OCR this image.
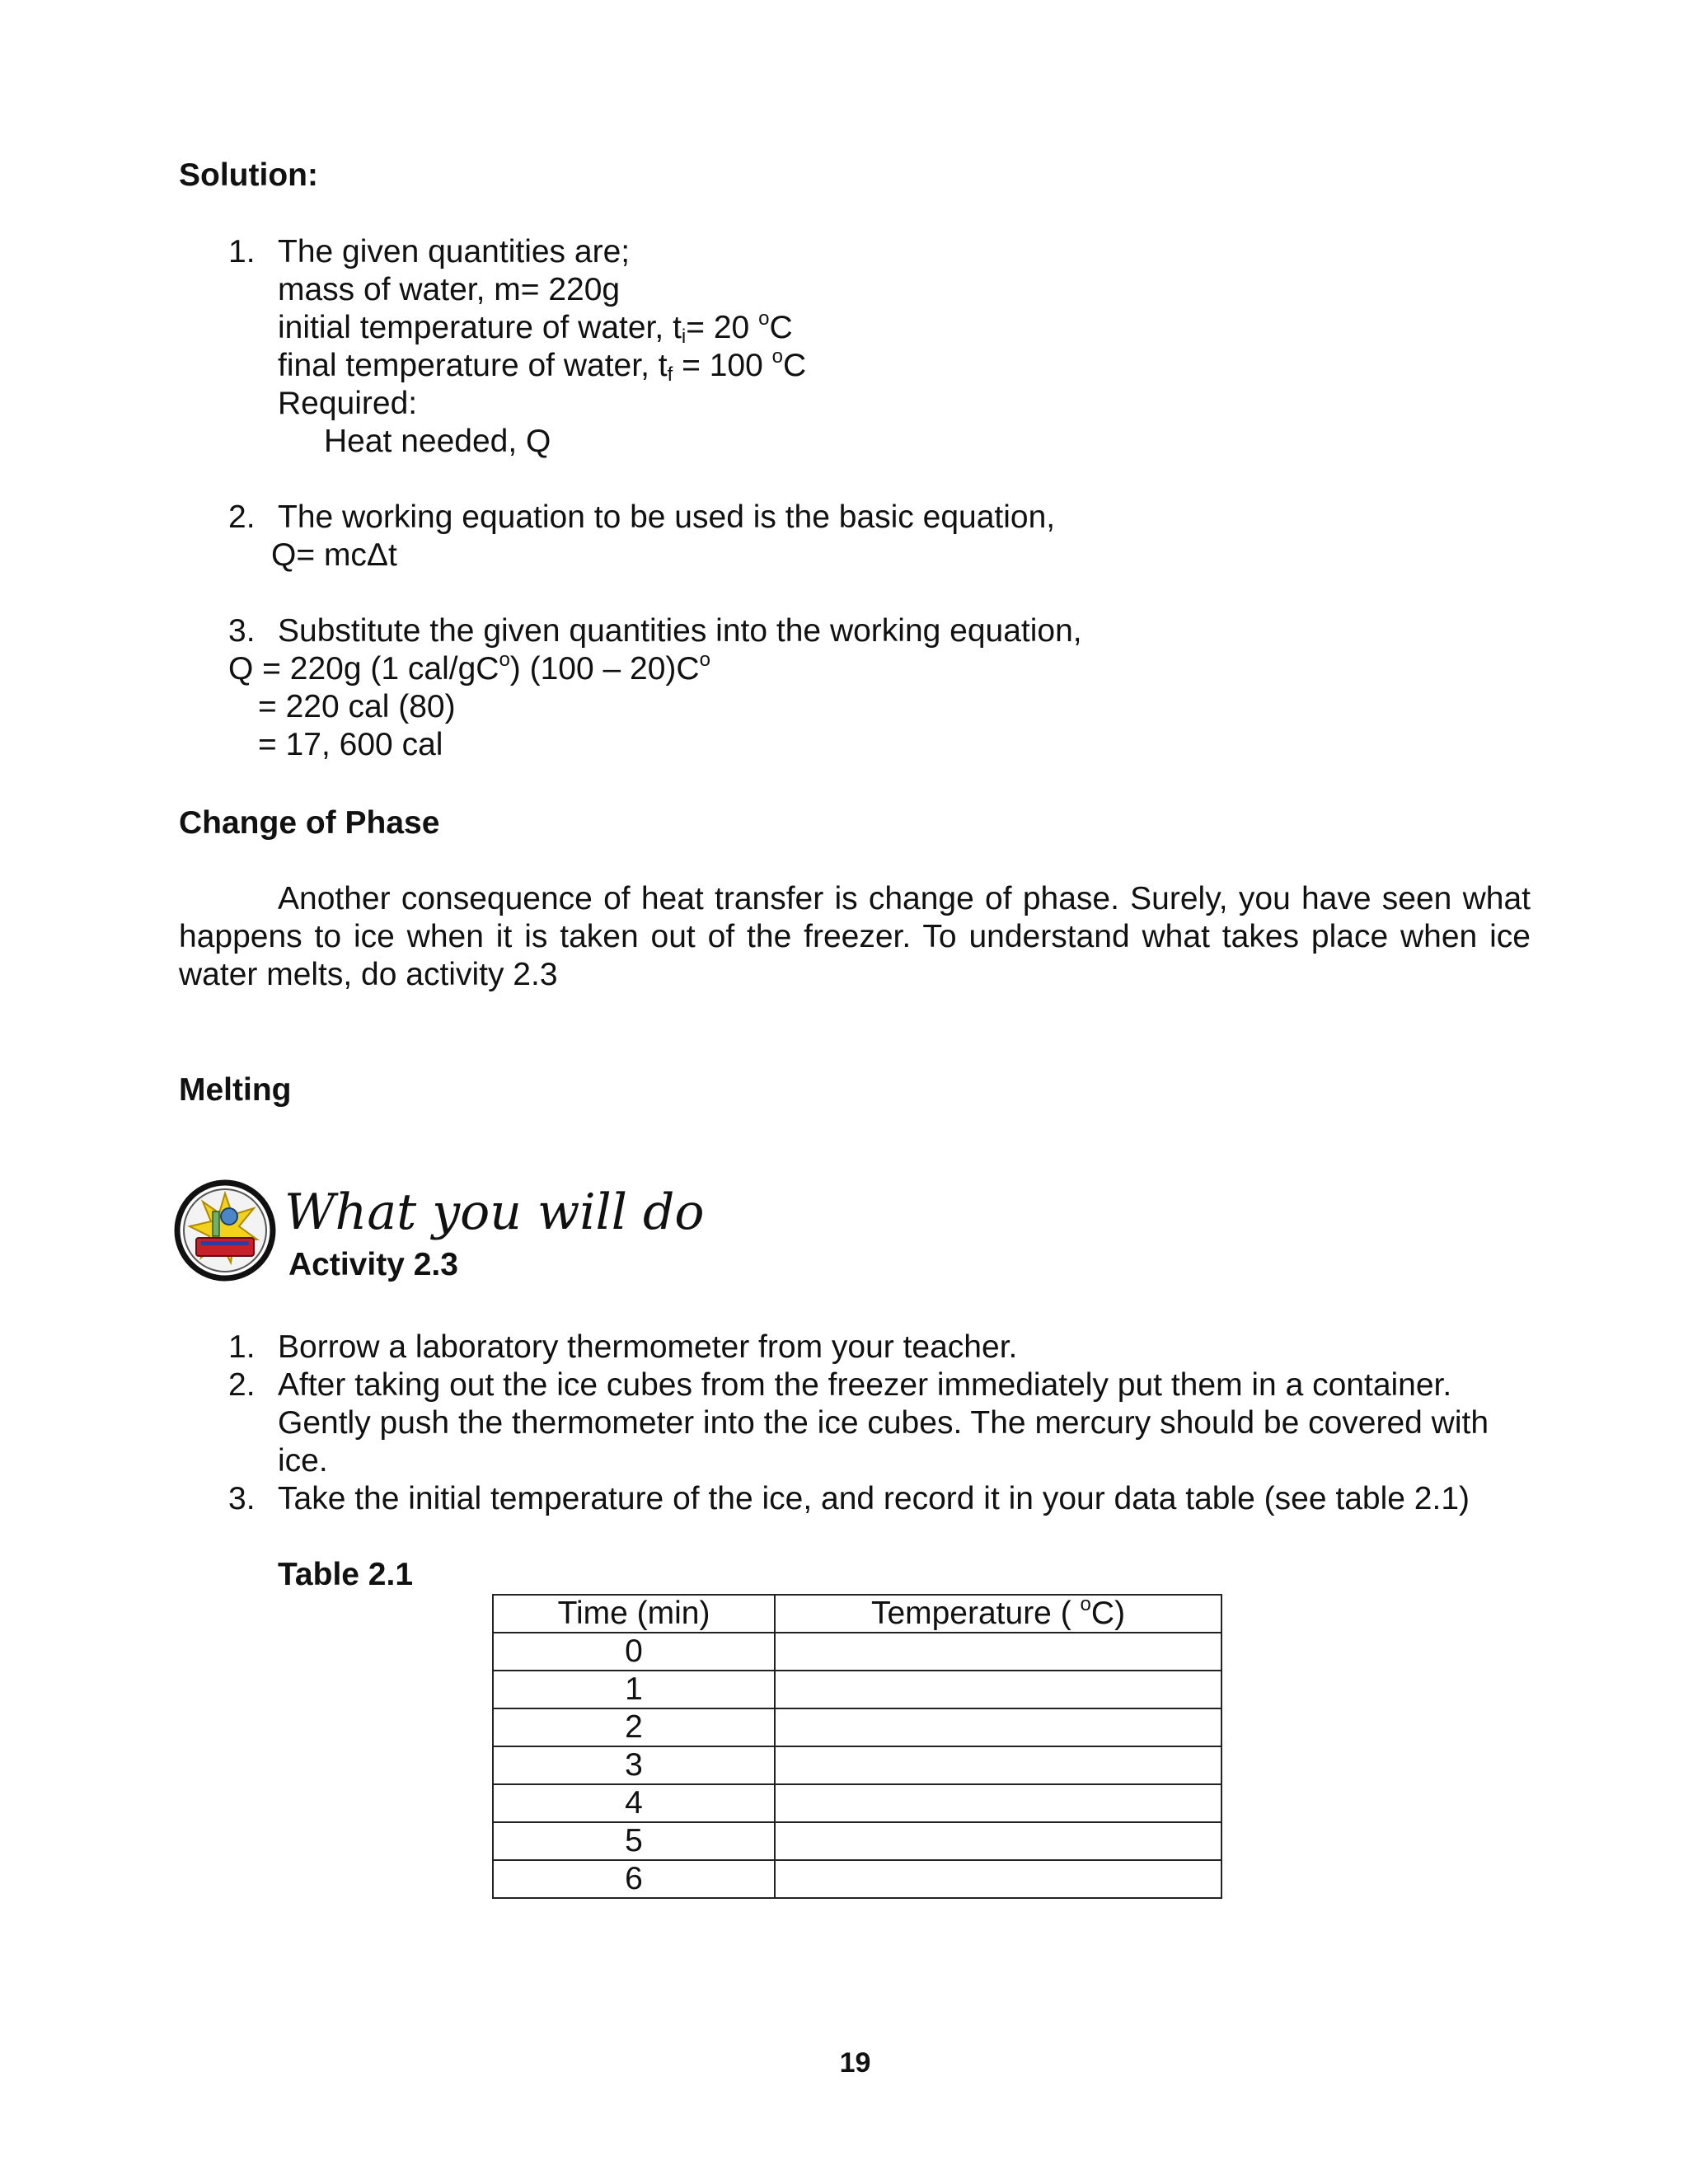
Solution:
1. The given quantities are;
mass of water, m= 220g
initial temperature of water, $t_i= 20$ $^o$C
final temperature of water, $t_f = 100$ $^o$C
Required:
Heat needed, Q
2. The working equation to be used is the basic equation,
Q= mcΔt
3. Substitute the given quantities into the working equation,
Q = 220g (1 cal/$gC^o$) $(100 - 20)C^o$
= 220 cal (80)
= 17, 600 cal
Change of Phase
Another consequence of heat transfer is change of phase. Surely, you have seen what happens to ice when it is taken out of the freezer. To understand what takes place when ice water melts, do activity 2.3
Melting
What you will do
Activity 2.3
1. Borrow a laboratory thermometer from your teacher.
2. After taking out the ice cubes from the freezer immediately put them in a container.
Gently push the thermometer into the ice cubes. The mercury should be covered with
ice.
3. Take the initial temperature of the ice, and record it in your data table (see table 2.1)
Table 2.1
Time (min)	Temperature ( $^o$C)
0	
1	
2	
3	
4	
5	
6	
19
